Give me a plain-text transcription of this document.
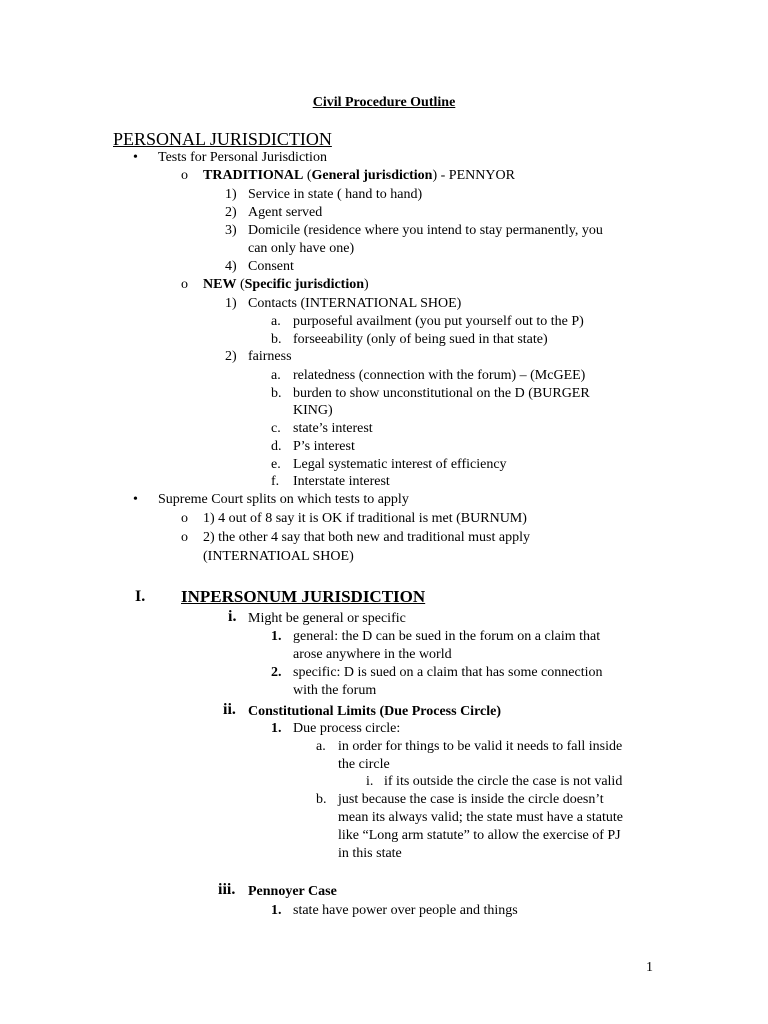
Civil Procedure Outline
PERSONAL JURISDICTION
• Tests for Personal Jurisdiction
o TRADITIONAL (General jurisdiction) - PENNYOR
1) Service in state ( hand to hand)
2) Agent served
3) Domicile (residence where you intend to stay permanently, you
can only have one)
4) Consent
o NEW (Specific jurisdiction)
1) Contacts (INTERNATIONAL SHOE)
a. purposeful availment (you put yourself out to the P)
b. forseeability (only of being sued in that state)
2) fairness
a. relatedness (connection with the forum) – (McGEE)
b. burden to show unconstitutional on the D (BURGER
KING)
c. state’s interest
d. P’s interest
e. Legal systematic interest of efficiency
f. Interstate interest
• Supreme Court splits on which tests to apply
o 1) 4 out of 8 say it is OK if traditional is met (BURNUM)
o 2) the other 4 say that both new and traditional must apply
(INTERNATIOAL SHOE)
I. INPERSONUM JURISDICTION
i. Might be general or specific
1. general: the D can be sued in the forum on a claim that
arose anywhere in the world
2. specific: D is sued on a claim that has some connection
with the forum
ii. Constitutional Limits (Due Process Circle)
1. Due process circle:
a. in order for things to be valid it needs to fall inside
the circle
i. if its outside the circle the case is not valid
b. just because the case is inside the circle doesn’t
mean its always valid; the state must have a statute
like “Long arm statute” to allow the exercise of PJ
in this state
iii. Pennoyer Case
1. state have power over people and things
1
